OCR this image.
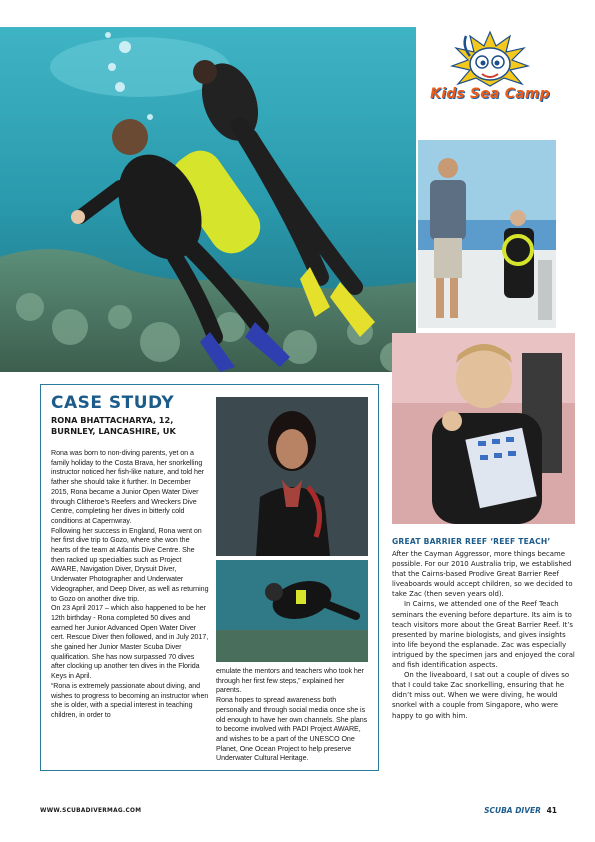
Kids Sea Camp
CASE STUDY
RONA BHATTACHARYA, 12, BURNLEY, LANCASHIRE, UK

Rona was born to non-diving parents, yet on a family holiday to the Costa Brava, her snorkelling instructor noticed her fish-like nature, and told her father she should take it further. In December 2015, Rona became a Junior Open Water Diver through Clitheroe's Reefers and Wreckers Dive Centre, completing her dives in bitterly cold conditions at Capernwray.

Following her success in England, Rona went on her first dive trip to Gozo, where she won the hearts of the team at Atlantis Dive Centre. She then racked up specialties such as Project AWARE, Navigation Diver, Drysuit Diver, Underwater Photographer and Underwater Videographer, and Deep Diver, as well as returning to Gozo on another dive trip.

On 23 April 2017 – which also happened to be her 12th birthday - Rona completed 50 dives and earned her Junior Advanced Open Water Diver cert. Rescue Diver then followed, and in July 2017, she gained her Junior Master Scuba Diver qualification. She has now surpassed 70 dives after clocking up another ten dives in the Florida Keys in April.

“Rona is extremely passionate about diving, and wishes to progress to becoming an instructor when she is older, with a special interest in teaching children, in order to

emulate the mentors and teachers who took her through her first few steps,” explained her parents.

Rona hopes to spread awareness both personally and through social media once she is old enough to have her own channels. She plans to become involved with PADI Project AWARE, and wishes to be a part of the UNESCO One Planet, One Ocean Project to help preserve Underwater Cultural Heritage.

GREAT BARRIER REEF ‘REEF TEACH’

After the Cayman Aggressor, more things became possible. For our 2010 Australia trip, we established that the Cairns-based Prodive Great Barrier Reef liveaboards would accept children, so we decided to take Zac (then seven years old).

In Cairns, we attended one of the Reef Teach seminars the evening before departure. Its aim is to teach visitors more about the Great Barrier Reef. It’s presented by marine biologists, and gives insights into life beyond the esplanade. Zac was especially intrigued by the specimen jars and enjoyed the coral and fish identification aspects.

On the liveaboard, I sat out a couple of dives so that I could take Zac snorkelling, ensuring that he didn’t miss out. When we were diving, he would snorkel with a couple from Singapore, who were happy to go with him.

WWW.SCUBADIVERMAG.COM	SCUBA DIVER 41
